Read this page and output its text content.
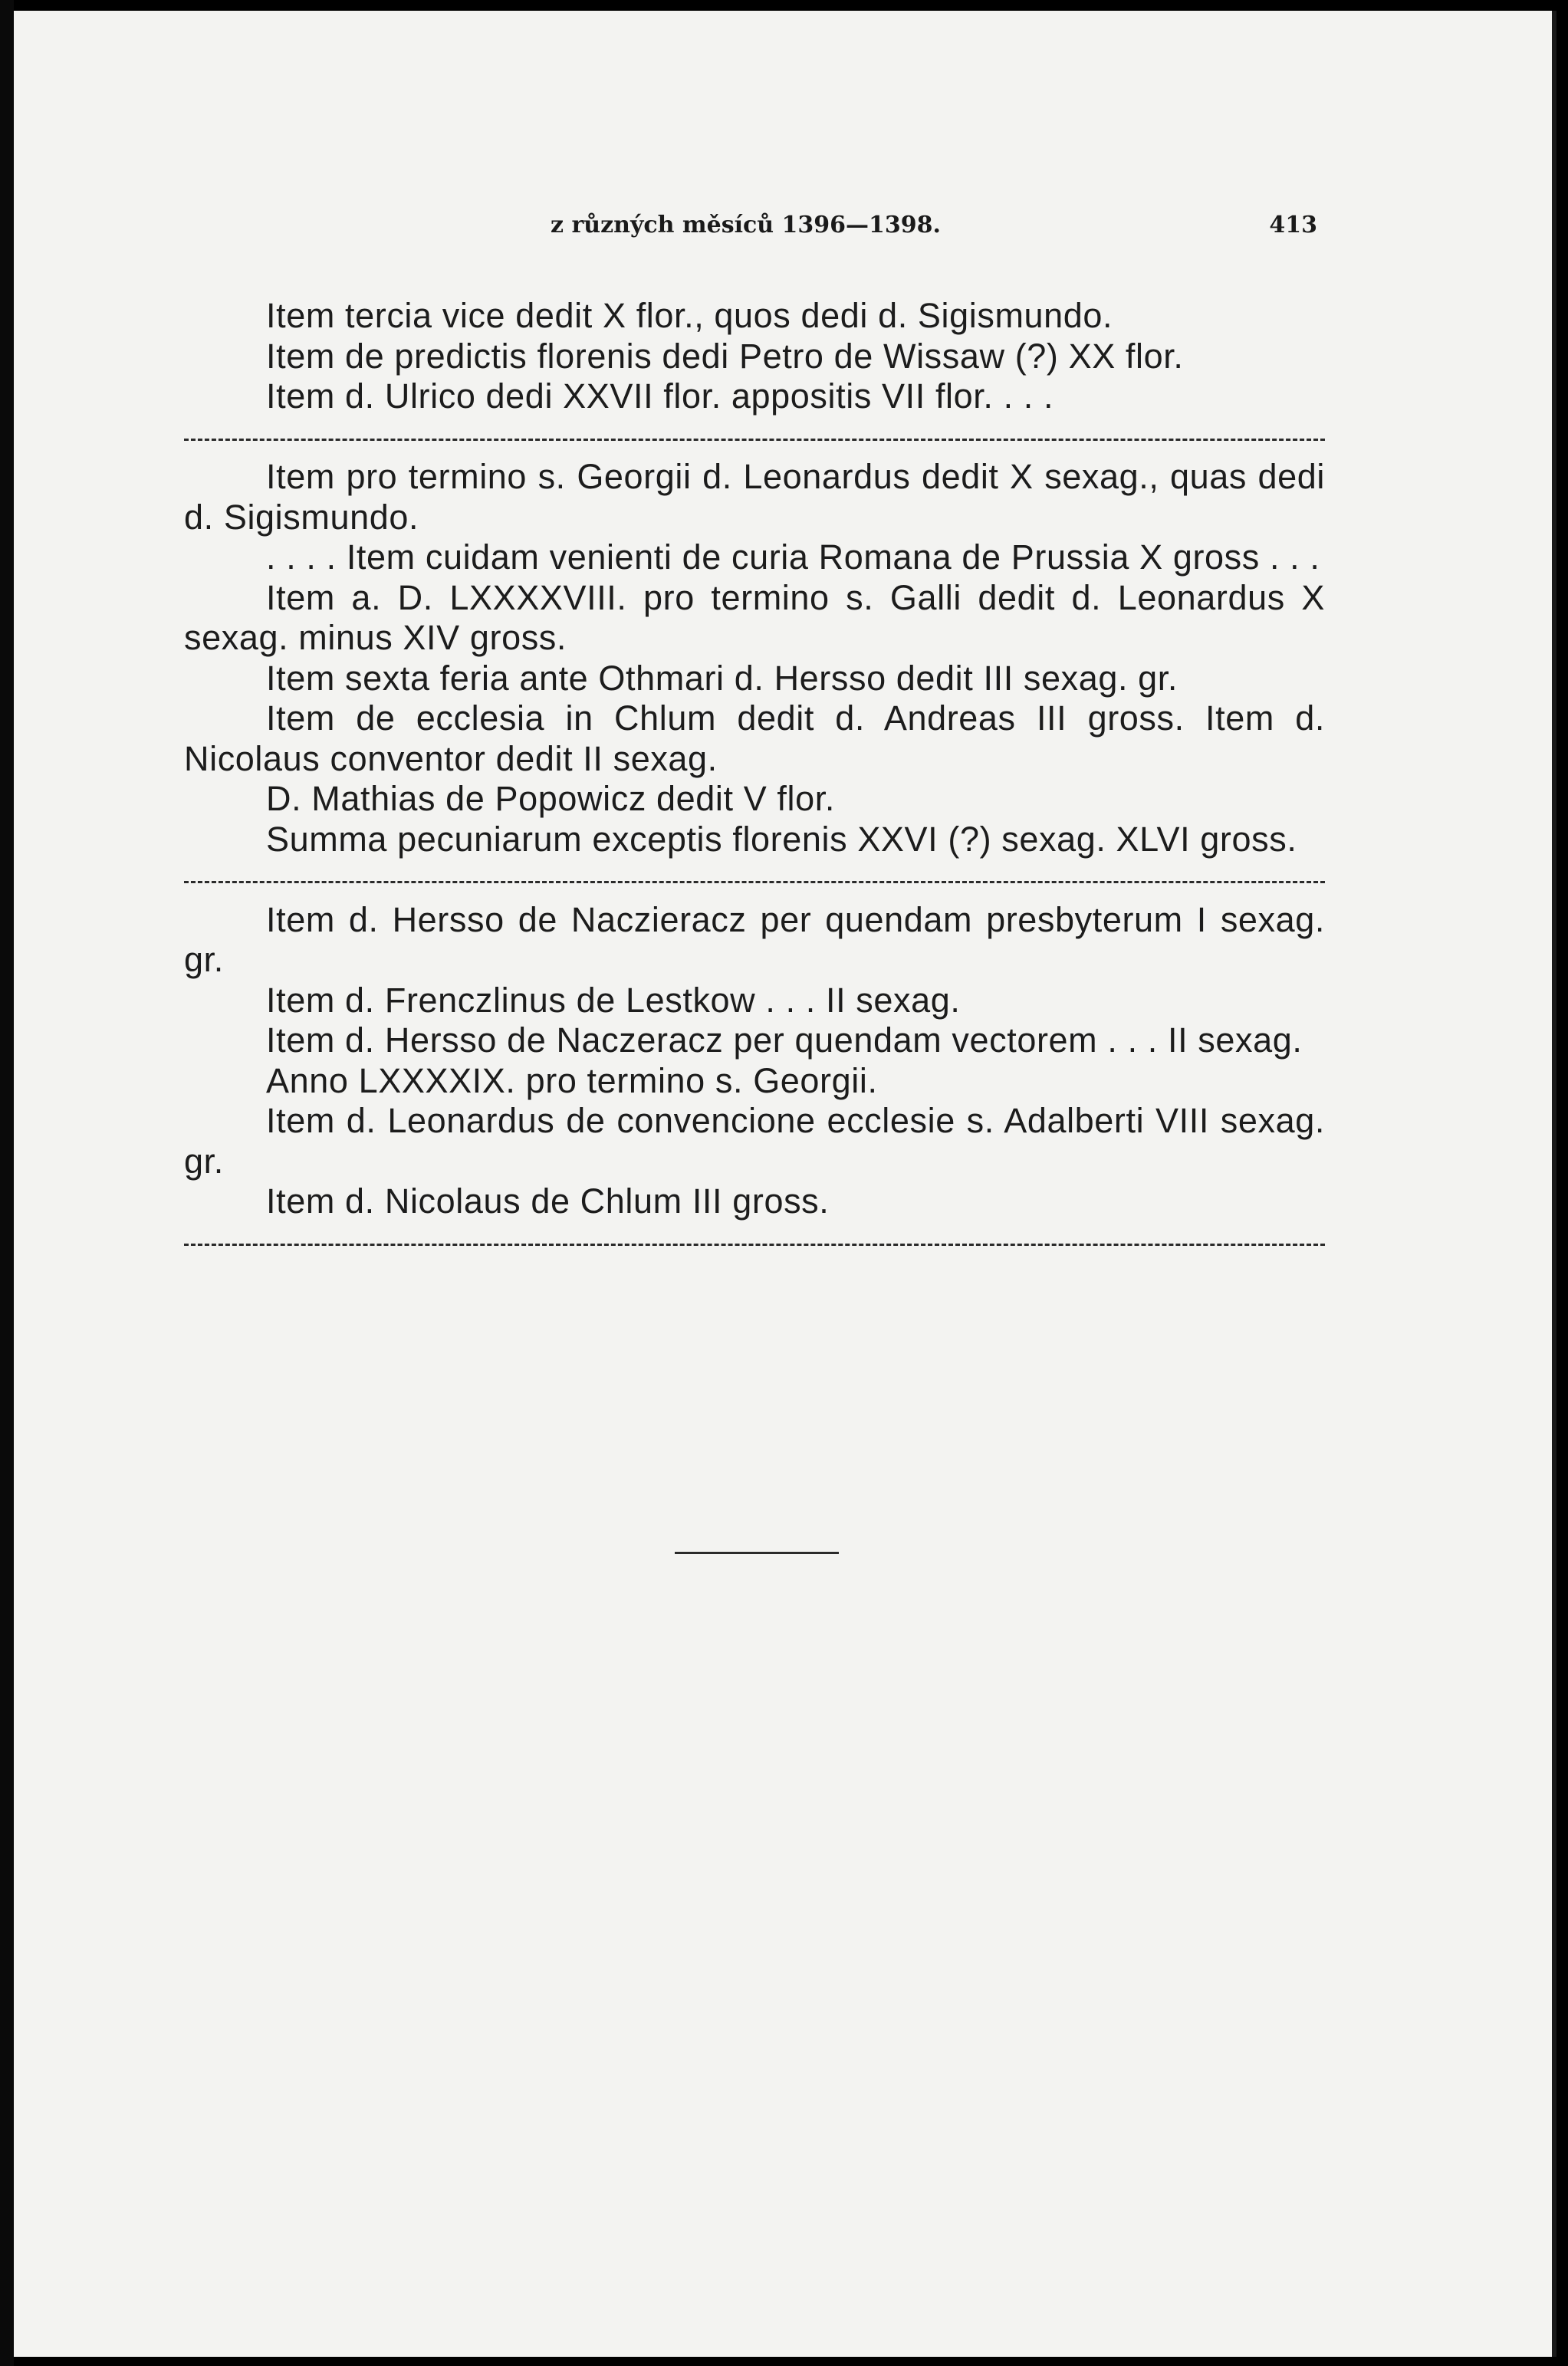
z různých měsíců 1396—1398.	413

Item tercia vice dedit X flor., quos dedi d. Sigismundo.

Item de predictis florenis dedi Petro de Wissaw (?) XX flor.

Item d. Ulrico dedi XXVII flor. appositis VII flor. . . .

Item pro termino s. Georgii d. Leonardus dedit X sexag., quas dedi d. Sigismundo.

. . . . Item cuidam venienti de curia Romana de Prussia X gross . . .

Item a. D. LXXXXVIII. pro termino s. Galli dedit d. Leonardus X sexag. minus XIV gross.

Item sexta feria ante Othmari d. Hersso dedit III sexag. gr.

Item de ecclesia in Chlum dedit d. Andreas III gross. Item d. Nicolaus conventor dedit II sexag.

D. Mathias de Popowicz dedit V flor.

Summa pecuniarum exceptis florenis XXVI (?) sexag. XLVI gross.

Item d. Hersso de Naczieracz per quendam presbyterum I sexag. gr.

Item d. Frenczlinus de Lestkow . . . II sexag.

Item d. Hersso de Naczeracz per quendam vectorem . . . II sexag.

Anno LXXXXIX. pro termino s. Georgii.

Item d. Leonardus de convencione ecclesie s. Adalberti VIII sexag. gr.

Item d. Nicolaus de Chlum III gross.
